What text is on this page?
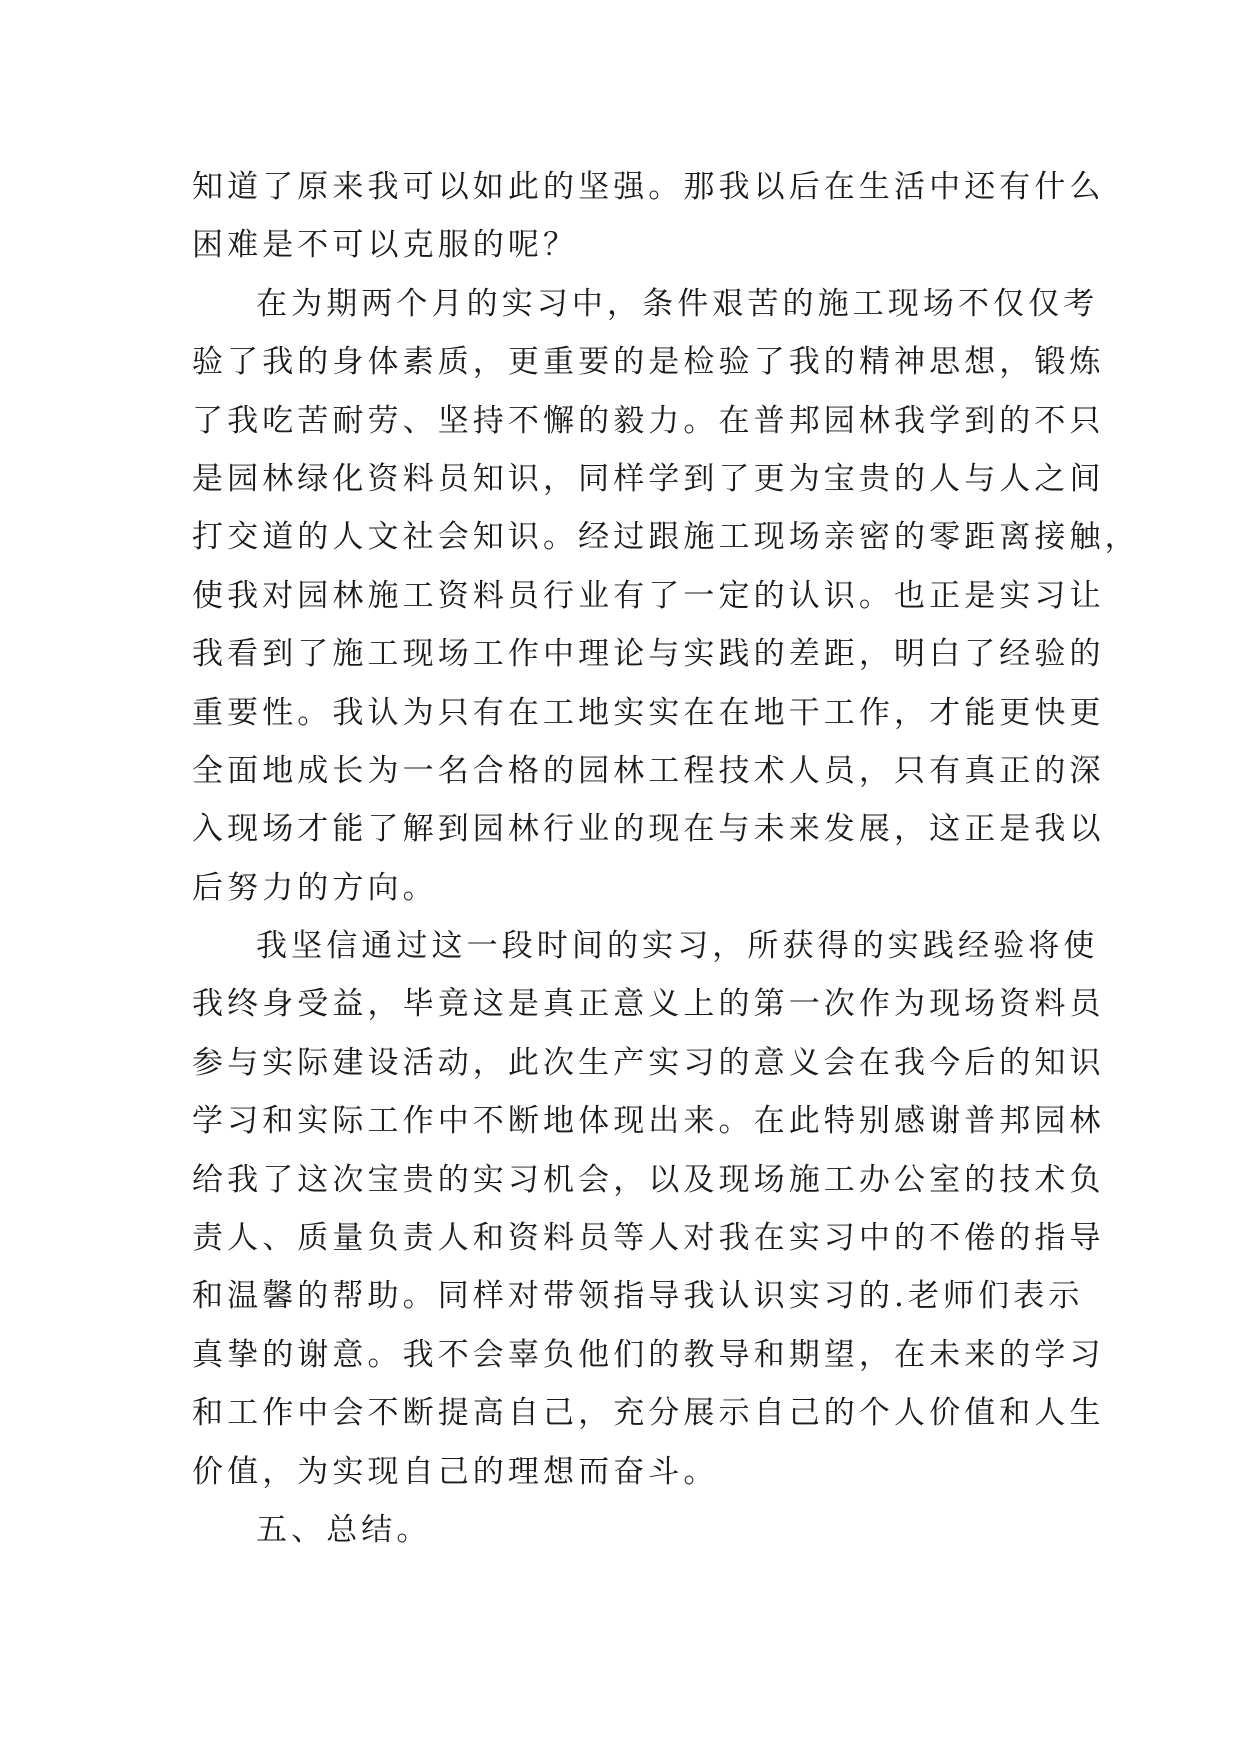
知道了原来我可以如此的坚强。那我以后在生活中还有什么
困难是不可以克服的呢？
在为期两个月的实习中，条件艰苦的施工现场不仅仅考
验了我的身体素质，更重要的是检验了我的精神思想，锻炼
了我吃苦耐劳、坚持不懈的毅力。在普邦园林我学到的不只
是园林绿化资料员知识，同样学到了更为宝贵的人与人之间
打交道的人文社会知识。经过跟施工现场亲密的零距离接触，
使我对园林施工资料员行业有了一定的认识。也正是实习让
我看到了施工现场工作中理论与实践的差距，明白了经验的
重要性。我认为只有在工地实实在在地干工作，才能更快更
全面地成长为一名合格的园林工程技术人员，只有真正的深
入现场才能了解到园林行业的现在与未来发展，这正是我以
后努力的方向。
我坚信通过这一段时间的实习，所获得的实践经验将使
我终身受益，毕竟这是真正意义上的第一次作为现场资料员
参与实际建设活动，此次生产实习的意义会在我今后的知识
学习和实际工作中不断地体现出来。在此特别感谢普邦园林
给我了这次宝贵的实习机会，以及现场施工办公室的技术负
责人、质量负责人和资料员等人对我在实习中的不倦的指导
和温馨的帮助。同样对带领指导我认识实习的.老师们表示
真挚的谢意。我不会辜负他们的教导和期望，在未来的学习
和工作中会不断提高自己，充分展示自己的个人价值和人生
价值，为实现自己的理想而奋斗。
五、总结。
